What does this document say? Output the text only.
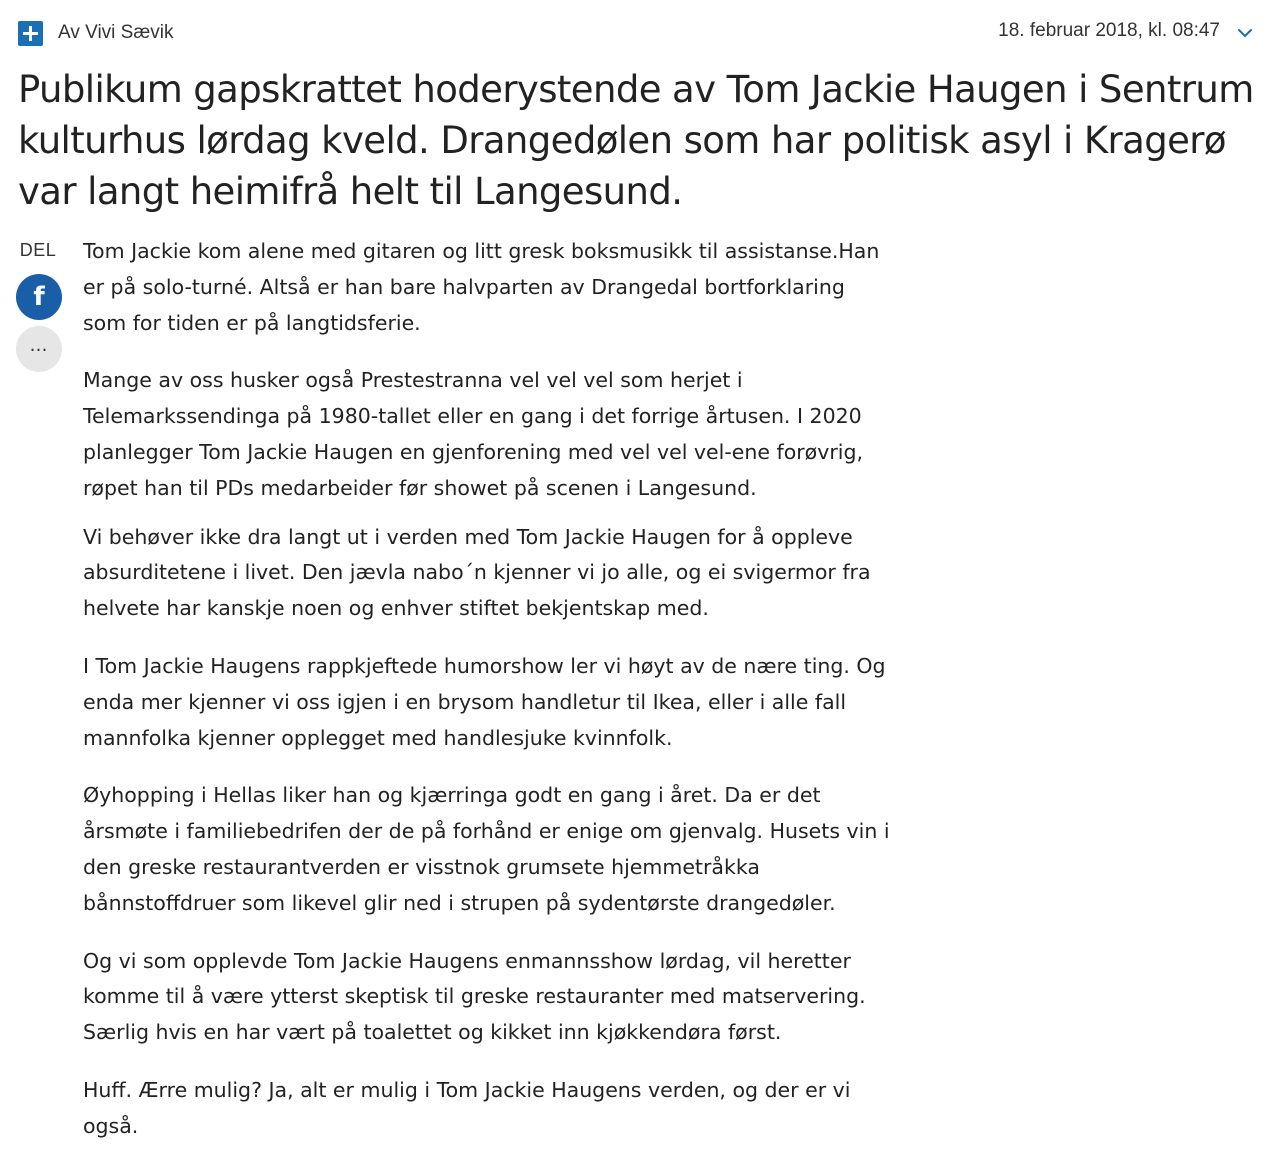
Av Vivi Sævik	18. februar 2018, kl. 08:47
Publikum gapskrattet hoderystende av Tom Jackie Haugen i Sentrum kulturhus lørdag kveld. Drangedølen som har politisk asyl i Kragerø var langt heimifrå helt til Langesund.
DEL
f
…

Tom Jackie kom alene med gitaren og litt gresk boksmusikk til assistanse.Han er på solo-turné. Altså er han bare halvparten av Drangedal bortforklaring som for tiden er på langtidsferie.

Mange av oss husker også Prestestranna vel vel vel som herjet i Telemarkssendinga på 1980-tallet eller en gang i det forrige årtusen. I 2020 planlegger Tom Jackie Haugen en gjenforening med vel vel vel-ene forøvrig, røpet han til PDs medarbeider før showet på scenen i Langesund.

Vi behøver ikke dra langt ut i verden med Tom Jackie Haugen for å oppleve absurditetene i livet. Den jævla nabo´n kjenner vi jo alle, og ei svigermor fra helvete har kanskje noen og enhver stiftet bekjentskap med.

I Tom Jackie Haugens rappkjeftede humorshow ler vi høyt av de nære ting. Og enda mer kjenner vi oss igjen i en brysom handletur til Ikea, eller i alle fall mannfolka kjenner opplegget med handlesjuke kvinnfolk.

Øyhopping i Hellas liker han og kjærringa godt en gang i året. Da er det årsmøte i familiebedrifen der de på forhånd er enige om gjenvalg. Husets vin i den greske restaurantverden er visstnok grumsete hjemmetråkka bånnstoffdruer som likevel glir ned i strupen på sydentørste drangedøler.

Og vi som opplevde Tom Jackie Haugens enmannsshow lørdag, vil heretter komme til å være ytterst skeptisk til greske restauranter med matservering. Særlig hvis en har vært på toalettet og kikket inn kjøkkendøra først.

Huff. Ærre mulig? Ja, alt er mulig i Tom Jackie Haugens verden, og der er vi også.
